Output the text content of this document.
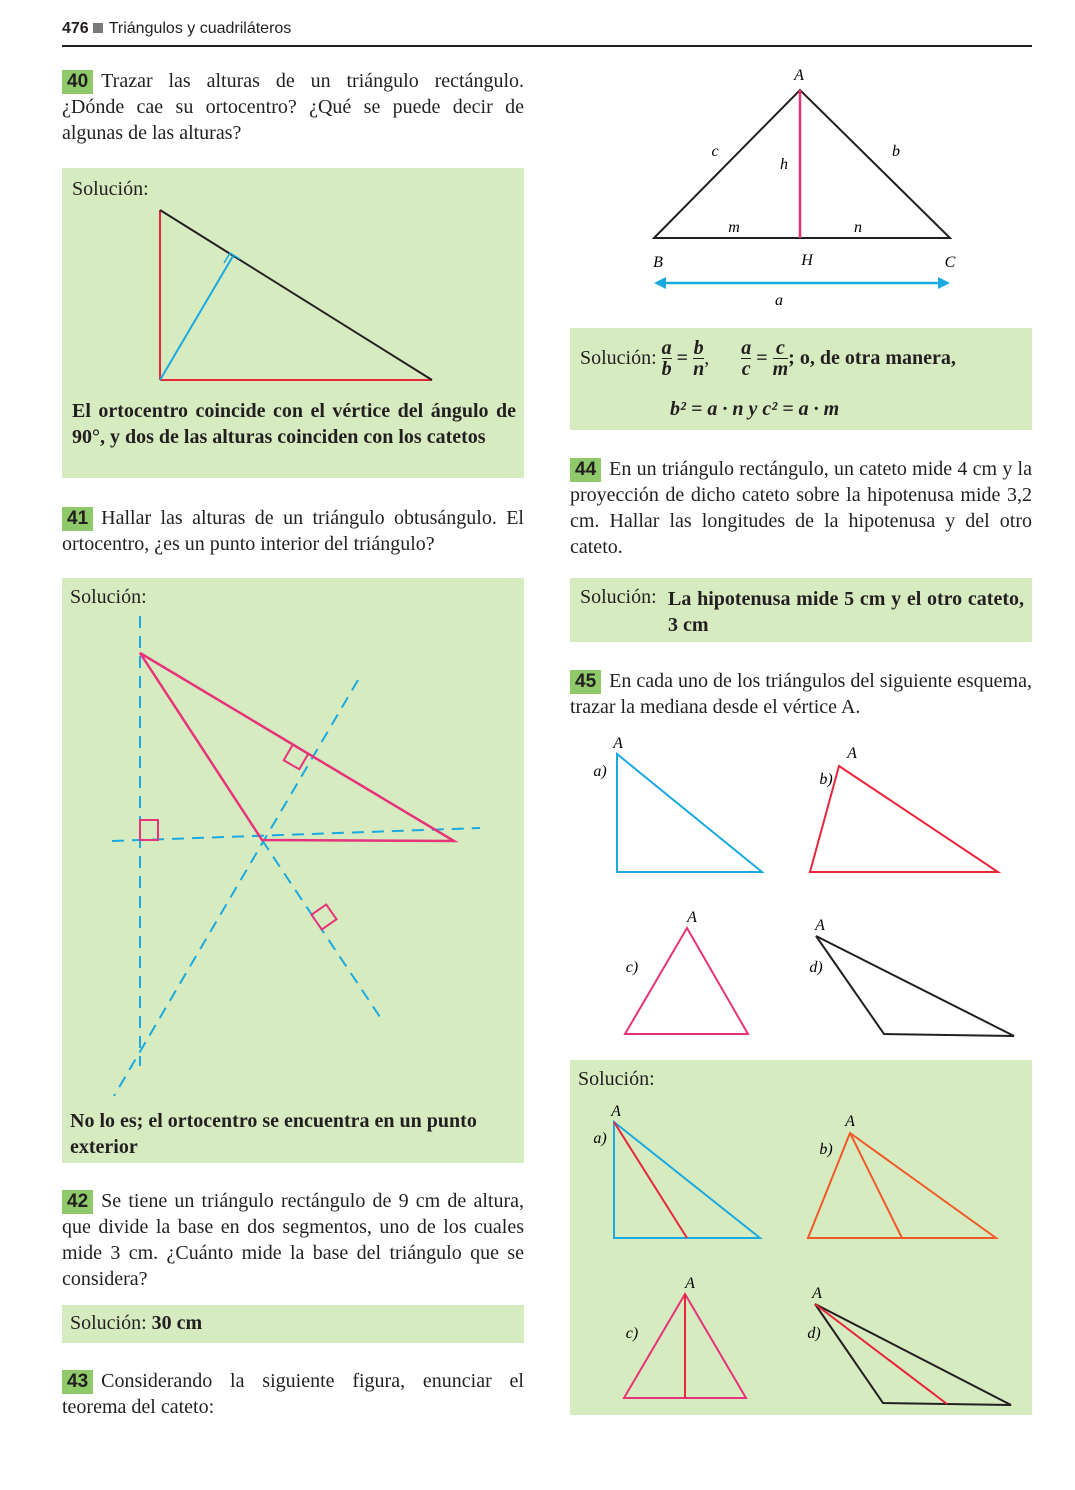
476 Triángulos y cuadriláteros
40 Trazar las alturas de un triángulo rectángulo. ¿Dónde cae su ortocentro? ¿Qué se puede decir de algunas de las alturas?
Solución:
El ortocentro coincide con el vértice del ángulo de 90°, y dos de las alturas coinciden con los catetos
41 Hallar las alturas de un triángulo obtusángulo. El ortocentro, ¿es un punto interior del triángulo?
Solución:
No lo es; el ortocentro se encuentra en un punto exterior
42 Se tiene un triángulo rectángulo de 9 cm de altura, que divide la base en dos segmentos, uno de los cuales mide 3 cm. ¿Cuánto mide la base del triángulo que se considera?
Solución: 30 cm
43 Considerando la siguiente figura, enunciar el teorema del cateto:
A
B	C
H
a
b
c
h
m	n
Solución: $\frac{a}{b} = \frac{b}{n}$ , $\frac{a}{c} = \frac{c}{m}$ ; o, de otra manera,
b² = a · n y c² = a · m
44 En un triángulo rectángulo, un cateto mide 4 cm y la proyección de dicho cateto sobre la hipotenusa mide 3,2 cm. Hallar las longitudes de la hipotenusa y del otro cateto.
Solución: La hipotenusa mide 5 cm y el otro cateto, 3 cm
45 En cada uno de los triángulos del siguiente esquema, trazar la mediana desde el vértice A.
A
a)
A
b)
A
c)
A
d)
Solución:
A
a)
A
b)
A
c)
A
d)
